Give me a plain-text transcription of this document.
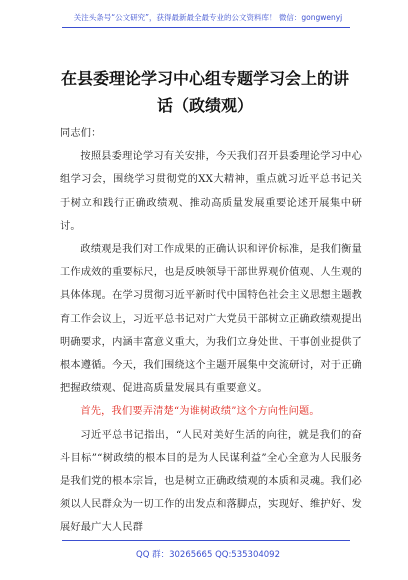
关注头条号“公文研究”，获得最新最全最专业的公文资料库！ 微信：gongwenyj
在县委理论学习中心组专题学习会上的讲
话（政绩观）

同志们：

按照县委理论学习有关安排，今天我们召开县委理论学习中心组学习会，围绕学习贯彻党的XX大精神，重点就习近平总书记关于树立和践行正确政绩观、推动高质量发展重要论述开展集中研讨。

政绩观是我们对工作成果的正确认识和评价标准，是我们衡量工作成效的重要标尺，也是反映领导干部世界观价值观、人生观的具体体现。在学习贯彻习近平新时代中国特色社会主义思想主题教育工作会议上，习近平总书记对广大党员干部树立正确政绩观提出明确要求，内涵丰富意义重大，为我们立身处世、干事创业提供了根本遵循。今天，我们围绕这个主题开展集中交流研讨，对于正确把握政绩观、促进高质量发展具有重要意义。

首先，我们要弄清楚“为谁树政绩”这个方向性问题。

习近平总书记指出，“人民对美好生活的向往，就是我们的奋斗目标”“树政绩的根本目的是为人民谋利益”全心全意为人民服务是我们党的根本宗旨，也是树立正确政绩观的本质和灵魂。我们必须以人民群众为一切工作的出发点和落脚点，实现好、维护好、发展好最广大人民群

QQ 群：30265665 QQ:535304092
